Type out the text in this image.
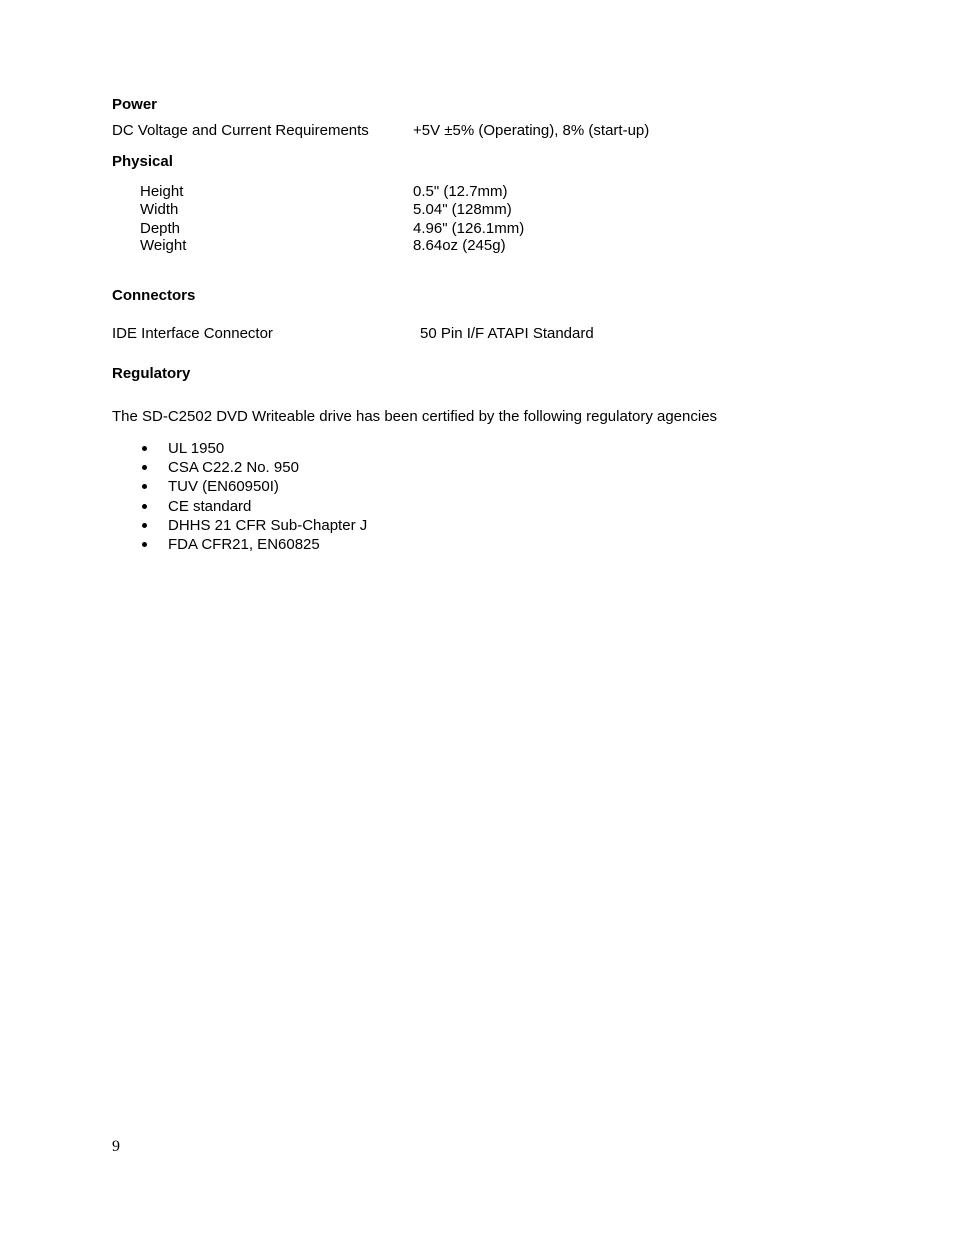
Power
DC Voltage and Current Requirements	+5V ±5% (Operating), 8% (start-up)
Physical
Height	0.5" (12.7mm)
Width	5.04" (128mm)
Depth	4.96" (126.1mm)
Weight	8.64oz (245g)
Connectors
IDE Interface Connector	50 Pin I/F ATAPI Standard
Regulatory
The SD-C2502 DVD Writeable drive has been certified by the following regulatory agencies
UL 1950
CSA C22.2 No. 950
TUV (EN60950I)
CE standard
DHHS 21 CFR Sub-Chapter J
FDA CFR21, EN60825
9
